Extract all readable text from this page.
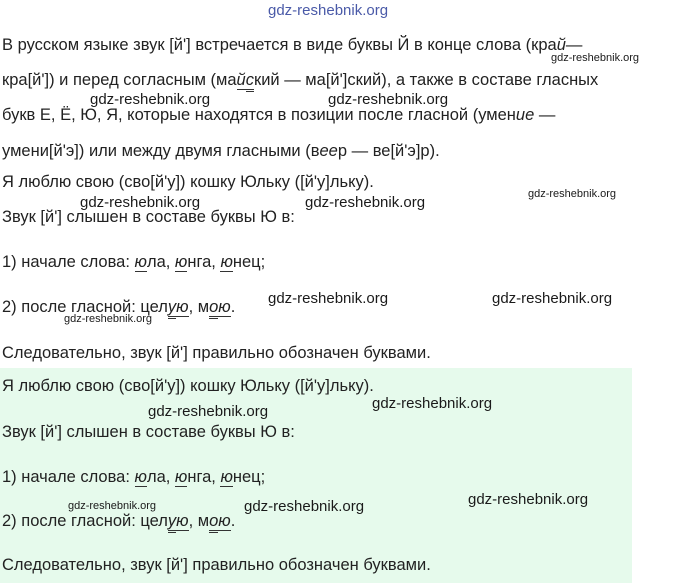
gdz-reshebnik.org
В русском языке звук [й'] встречается в виде буквы Й в конце слова (край—
кра[й']) и перед согласным (майский — ма[й']ский), а также в составе гласных
букв Е, Ё, Ю, Я, которые находятся в позиции после гласной (умение —
умени[й'э]) или между двумя гласными (веер — ве[й'э]р).
Я люблю свою (сво[й'у]) кошку Юльку ([й'у]льку).
Звук [й'] слышен в составе буквы Ю в:
1) начале слова: юла, юнга, юнец;
2) после гласной: целую, мою.
Следовательно, звук [й'] правильно обозначен буквами.
Я люблю свою (сво[й'у]) кошку Юльку ([й'у]льку).
Звук [й'] слышен в составе буквы Ю в:
1) начале слова: юла, юнга, юнец;
2) после гласной: целую, мою.
Следовательно, звук [й'] правильно обозначен буквами.
gdz-reshebnik.org
gdz-reshebnik.org	gdz-reshebnik.org
gdz-reshebnik.org
gdz-reshebnik.org	gdz-reshebnik.org
gdz-reshebnik.org	gdz-reshebnik.org
gdz-reshebnik.org
gdz-reshebnik.org
gdz-reshebnik.org
gdz-reshebnik.org
gdz-reshebnik.org
gdz-reshebnik.org
